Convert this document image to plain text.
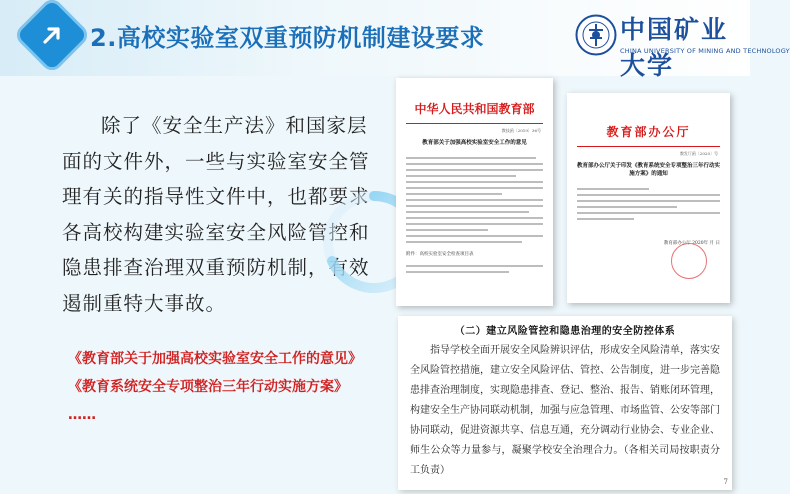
2.高校实验室双重预防机制建设要求	中国矿业大学
CHINA UNIVERSITY OF MINING AND TECHNOLOGY
除了《安全生产法》和国家层面的文件外，一些与实验室安全管理有关的指导性文件中，也都要求各高校构建实验室安全风险管控和隐患排查治理双重预防机制，有效遏制重特大事故。
《教育部关于加强高校实验室安全工作的意见》
《教育系统安全专项整治三年行动实施方案》
……
中华人民共和国教育部
教技函〔2019〕36号
教育部关于加强高校实验室安全工作的意见
附件：高校实验室安全检查项目表
教育部办公厅
教发厅函〔2020〕号
教育部办公厅关于印发《教育系统安全专项整治三年行动实施方案》的通知
教育部办公厅 2020年 月 日
（二）建立风险管控和隐患治理的安全防控体系
指导学校全面开展安全风险辨识评估，形成安全风险清单，落实安全风险管控措施，建立安全风险评估、管控、公告制度，进一步完善隐患排查治理制度，实现隐患排查、登记、整治、报告、销账闭环管理，构建安全生产协同联动机制，加强与应急管理、市场监管、公安等部门协同联动，促进资源共享、信息互通，充分调动行业协会、专业企业、师生公众等力量参与，凝聚学校安全治理合力。（各相关司局按职责分工负责）
7
